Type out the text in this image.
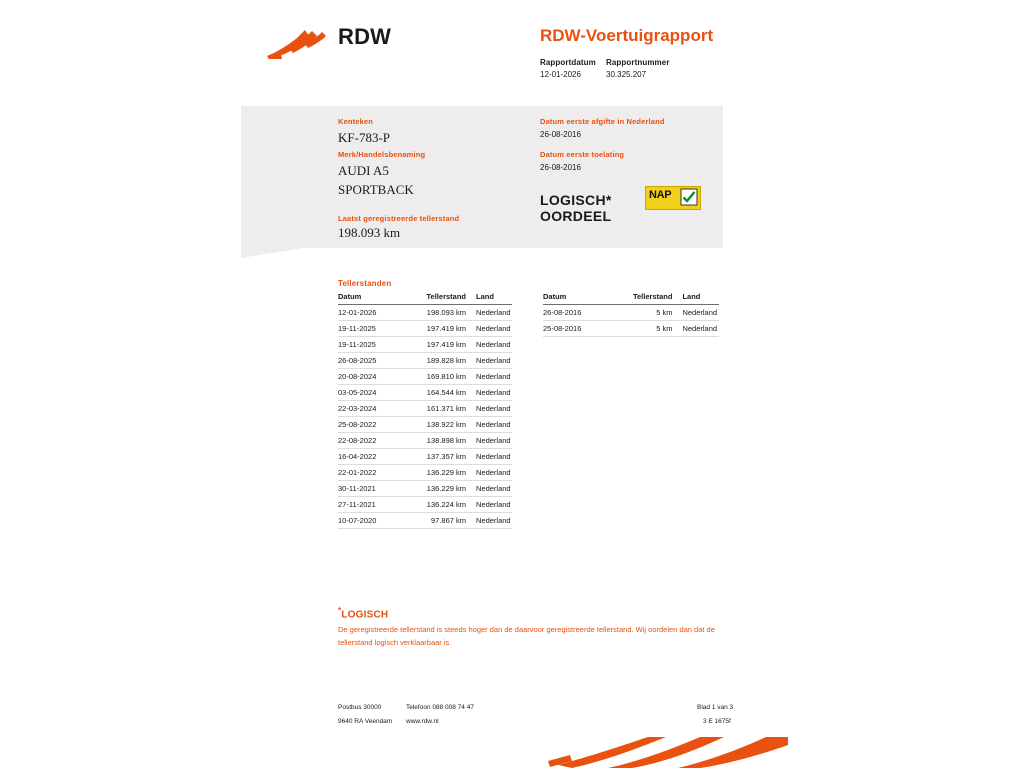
RDW	RDW-Voertuigrapport
Rapportdatum
12-01-2026
Rapportnummer
30.325.207
Kenteken
KF-783-P
Merk/Handelsbenaming
AUDI A5
SPORTBACK
Laatst geregistreerde tellerstand
198.093 km
Datum eerste afgifte in Nederland
26-08-2016
Datum eerste toelating
26-08-2016
LOGISCH*
OORDEEL
NAP
Tellerstanden
Datum	Tellerstand	Land
12-01-2026	198.093 km	Nederland
19-11-2025	197.419 km	Nederland
19-11-2025	197.419 km	Nederland
26-08-2025	189.828 km	Nederland
20-08-2024	169.810 km	Nederland
03-05-2024	164.544 km	Nederland
22-03-2024	161.371 km	Nederland
25-08-2022	138.922 km	Nederland
22-08-2022	138.898 km	Nederland
16-04-2022	137.357 km	Nederland
22-01-2022	136.229 km	Nederland
30-11-2021	136.229 km	Nederland
27-11-2021	136.224 km	Nederland
10-07-2020	97.867 km	Nederland
Datum	Tellerstand	Land
26-08-2016	5 km	Nederland
25-08-2016	5 km	Nederland
*LOGISCH
De geregistreerde tellerstand is steeds hoger dan de daarvoor geregistreerde tellerstand. Wij oordelen dan dat de tellerstand logisch verklaarbaar is.
Postbus 30000
9640 RA Veendam
Telefoon 088 008 74 47
www.rdw.nl
Blad 1 van 3
3 E 1675f
